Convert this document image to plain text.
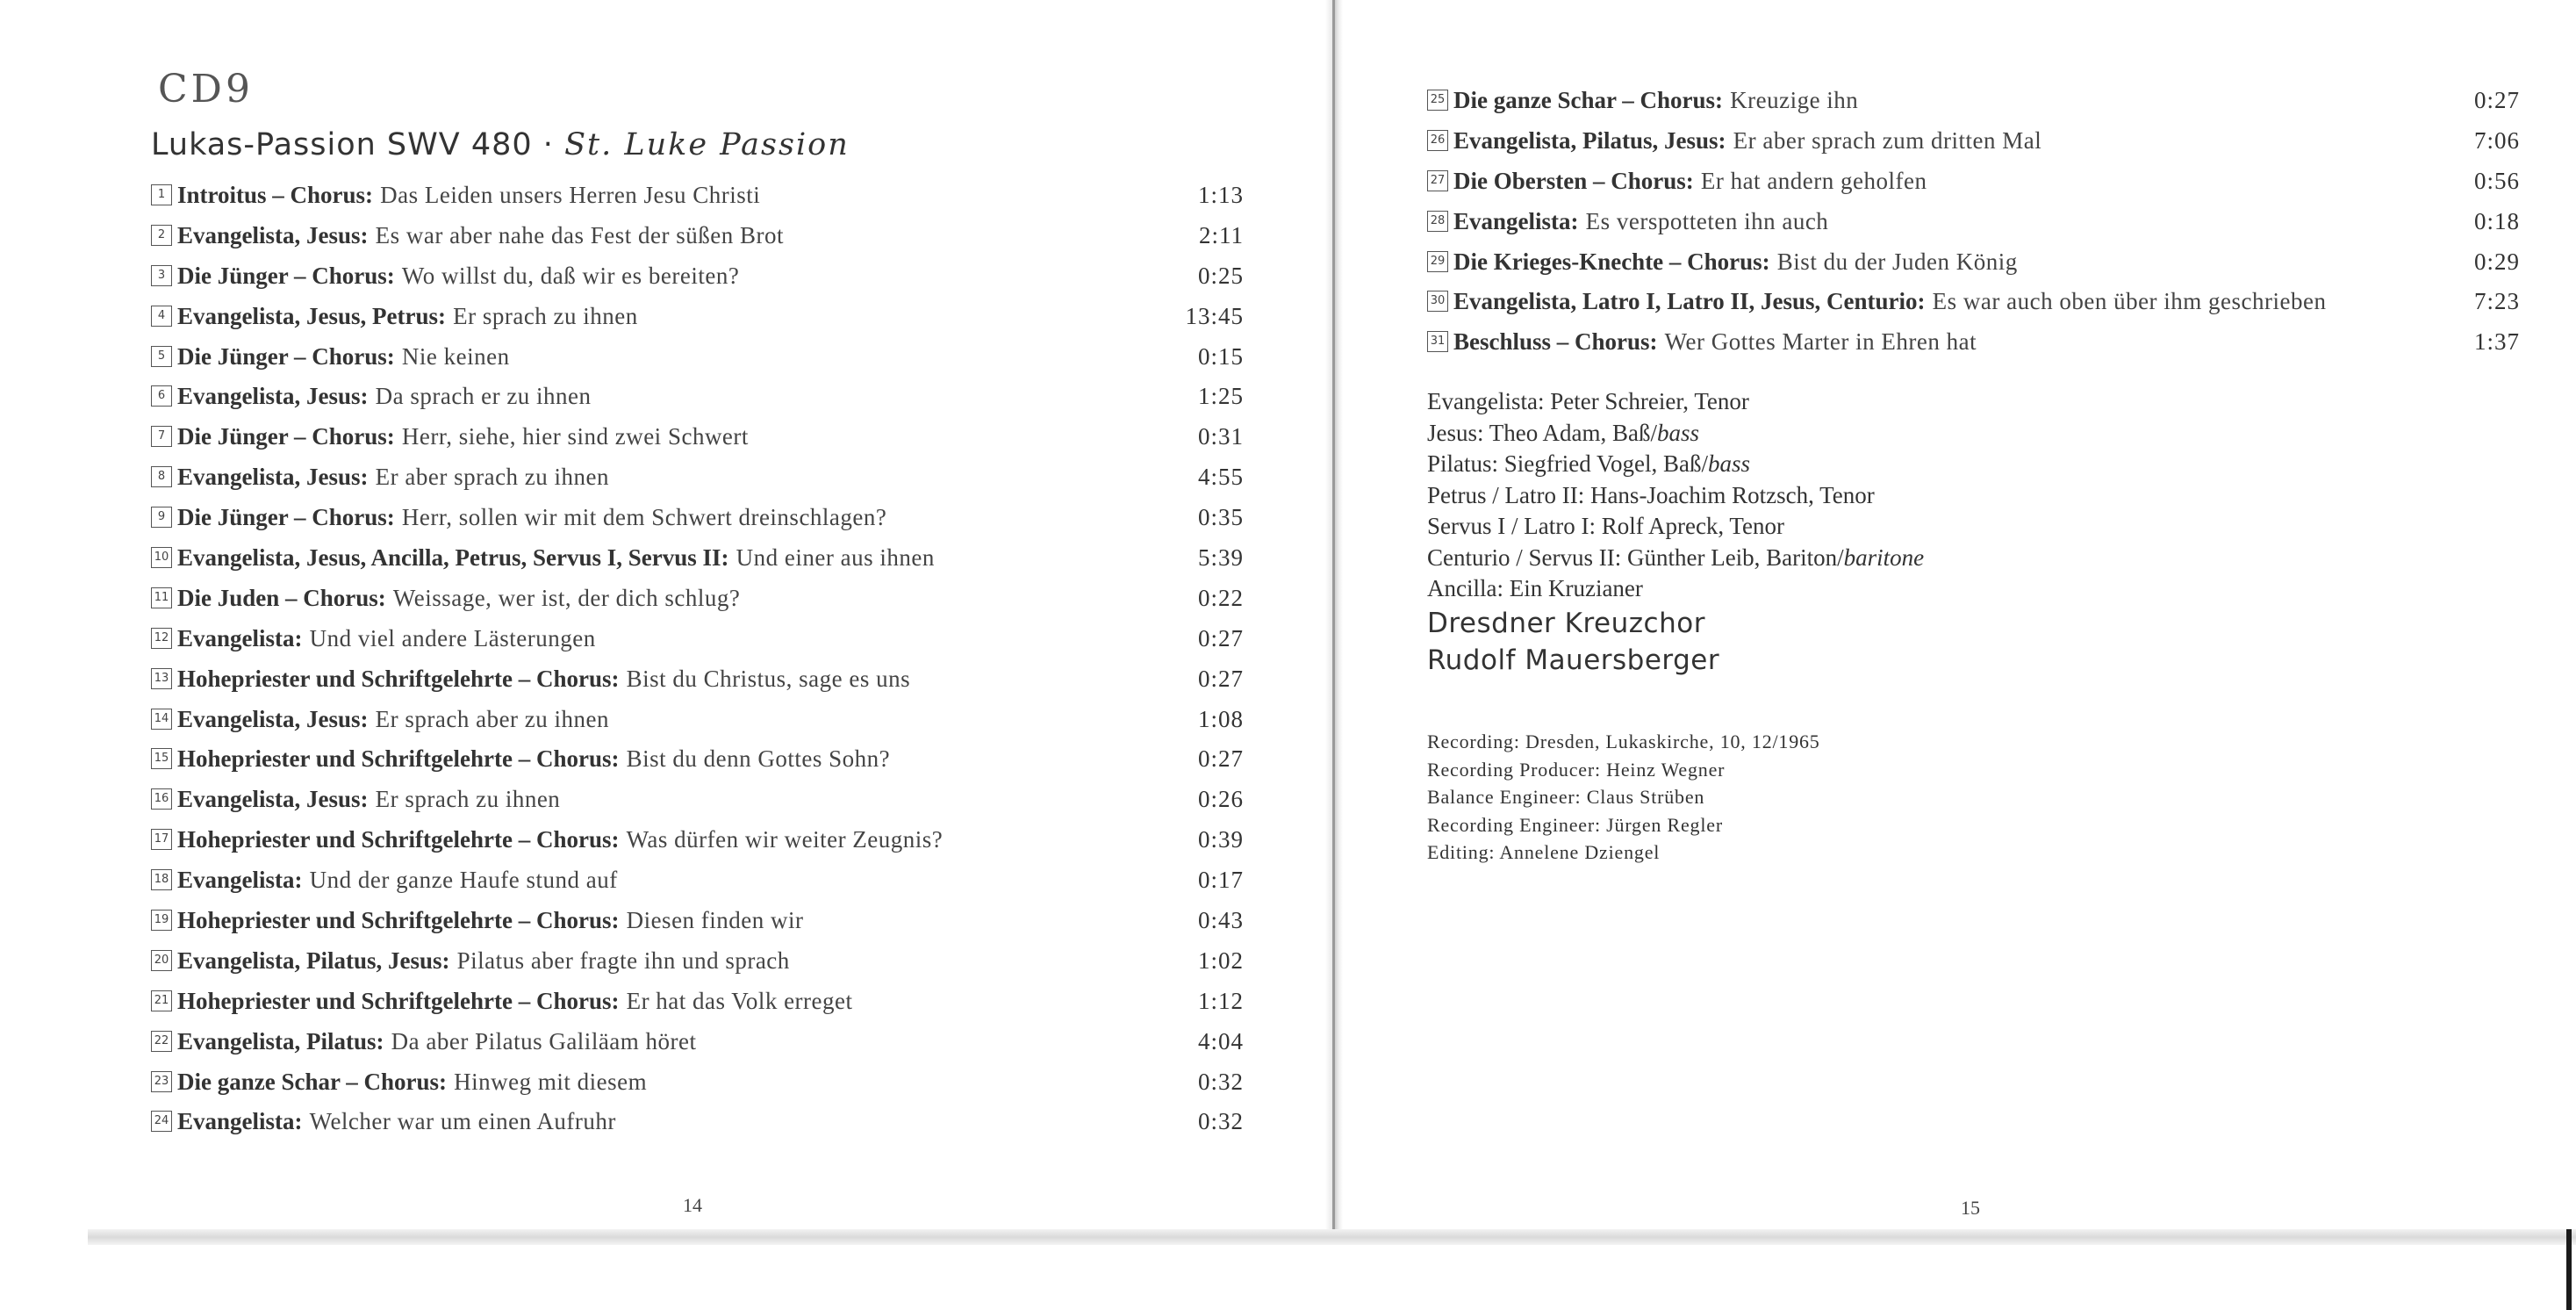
CD9
Lukas-Passion SWV 480 · St. Luke Passion
1 Introitus – Chorus: Das Leiden unsers Herren Jesu Christi	1:13
2 Evangelista, Jesus: Es war aber nahe das Fest der süßen Brot	2:11
3 Die Jünger – Chorus: Wo willst du, daß wir es bereiten?	0:25
4 Evangelista, Jesus, Petrus: Er sprach zu ihnen	13:45
5 Die Jünger – Chorus: Nie keinen	0:15
6 Evangelista, Jesus: Da sprach er zu ihnen	1:25
7 Die Jünger – Chorus: Herr, siehe, hier sind zwei Schwert	0:31
8 Evangelista, Jesus: Er aber sprach zu ihnen	4:55
9 Die Jünger – Chorus: Herr, sollen wir mit dem Schwert dreinschlagen?	0:35
10 Evangelista, Jesus, Ancilla, Petrus, Servus I, Servus II: Und einer aus ihnen	5:39
11 Die Juden – Chorus: Weissage, wer ist, der dich schlug?	0:22
12 Evangelista: Und viel andere Lästerungen	0:27
13 Hohepriester und Schriftgelehrte – Chorus: Bist du Christus, sage es uns	0:27
14 Evangelista, Jesus: Er sprach aber zu ihnen	1:08
15 Hohepriester und Schriftgelehrte – Chorus: Bist du denn Gottes Sohn?	0:27
16 Evangelista, Jesus: Er sprach zu ihnen	0:26
17 Hohepriester und Schriftgelehrte – Chorus: Was dürfen wir weiter Zeugnis?	0:39
18 Evangelista: Und der ganze Haufe stund auf	0:17
19 Hohepriester und Schriftgelehrte – Chorus: Diesen finden wir	0:43
20 Evangelista, Pilatus, Jesus: Pilatus aber fragte ihn und sprach	1:02
21 Hohepriester und Schriftgelehrte – Chorus: Er hat das Volk erreget	1:12
22 Evangelista, Pilatus: Da aber Pilatus Galiläam höret	4:04
23 Die ganze Schar – Chorus: Hinweg mit diesem	0:32
24 Evangelista: Welcher war um einen Aufruhr	0:32
14	15
25 Die ganze Schar – Chorus: Kreuzige ihn	0:27
26 Evangelista, Pilatus, Jesus: Er aber sprach zum dritten Mal	7:06
27 Die Obersten – Chorus: Er hat andern geholfen	0:56
28 Evangelista: Es verspotteten ihn auch	0:18
29 Die Krieges-Knechte – Chorus: Bist du der Juden König	0:29
30 Evangelista, Latro I, Latro II, Jesus, Centurio: Es war auch oben über ihm geschrieben	7:23
31 Beschluss – Chorus: Wer Gottes Marter in Ehren hat	1:37
Evangelista: Peter Schreier, Tenor
Jesus: Theo Adam, Baß/bass
Pilatus: Siegfried Vogel, Baß/bass
Petrus / Latro II: Hans-Joachim Rotzsch, Tenor
Servus I / Latro I: Rolf Apreck, Tenor
Centurio / Servus II: Günther Leib, Bariton/baritone
Ancilla: Ein Kruzianer
Dresdner Kreuzchor
Rudolf Mauersberger
Recording: Dresden, Lukaskirche, 10, 12/1965
Recording Producer: Heinz Wegner
Balance Engineer: Claus Strüben
Recording Engineer: Jürgen Regler
Editing: Annelene Dziengel
